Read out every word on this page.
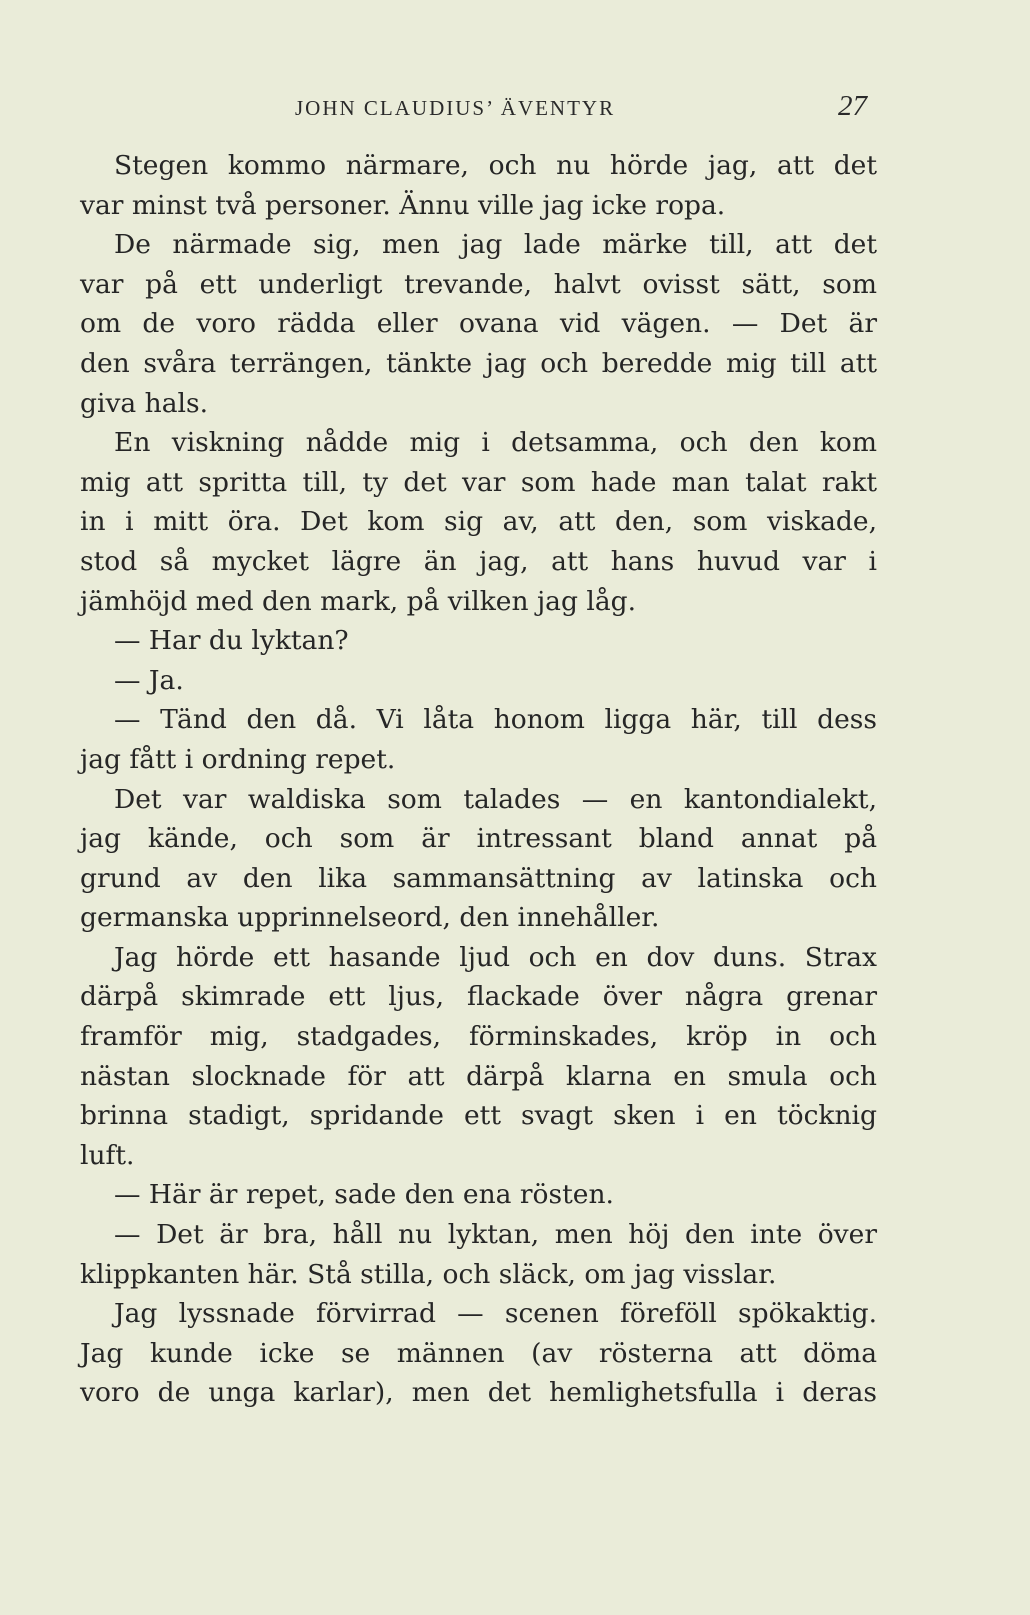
JOHN CLAUDIUS’ ÄVENTYR	27
Stegen kommo närmare, och nu hörde jag, att det
var minst två personer. Ännu ville jag icke ropa.
De närmade sig, men jag lade märke till, att det
var på ett underligt trevande, halvt ovisst sätt, som
om de voro rädda eller ovana vid vägen. — Det är
den svåra terrängen, tänkte jag och beredde mig till att
giva hals.
En viskning nådde mig i detsamma, och den kom
mig att spritta till, ty det var som hade man talat rakt
in i mitt öra. Det kom sig av, att den, som viskade,
stod så mycket lägre än jag, att hans huvud var i
jämhöjd med den mark, på vilken jag låg.
— Har du lyktan?
— Ja.
— Tänd den då. Vi låta honom ligga här, till dess
jag fått i ordning repet.
Det var waldiska som talades — en kantondialekt,
jag kände, och som är intressant bland annat på
grund av den lika sammansättning av latinska och
germanska upprinnelseord, den innehåller.
Jag hörde ett hasande ljud och en dov duns. Strax
därpå skimrade ett ljus, flackade över några grenar
framför mig, stadgades, förminskades, kröp in och
nästan slocknade för att därpå klarna en smula och
brinna stadigt, spridande ett svagt sken i en töcknig
luft.
— Här är repet, sade den ena rösten.
— Det är bra, håll nu lyktan, men höj den inte över
klippkanten här. Stå stilla, och släck, om jag visslar.
Jag lyssnade förvirrad — scenen föreföll spökaktig.
Jag kunde icke se männen (av rösterna att döma
voro de unga karlar), men det hemlighetsfulla i deras
